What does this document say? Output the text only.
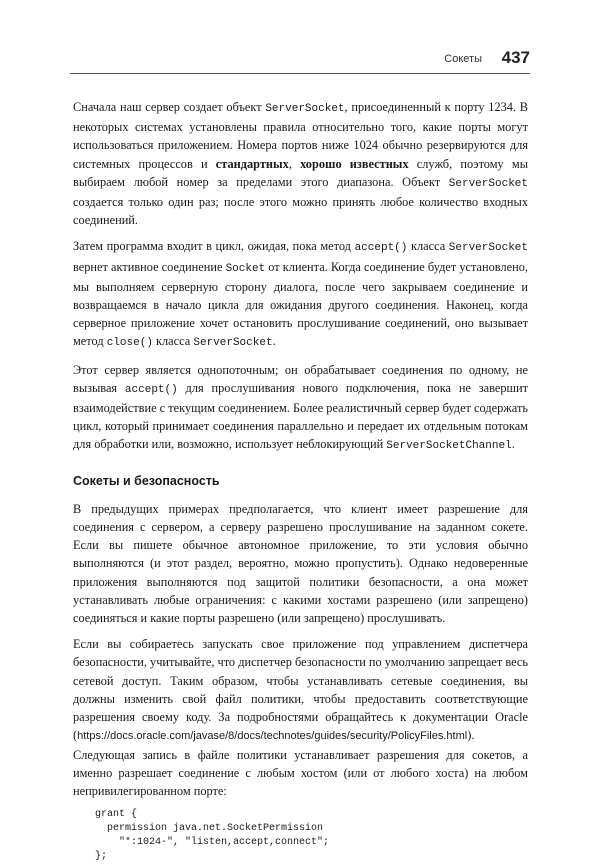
Сокеты 437

Сначала наш сервер создает объект ServerSocket, присоединенный к порту 1234. В некоторых системах установлены правила относительно того, какие порты могут использоваться приложением. Номера портов ниже 1024 обычно резервируются для системных процессов и стандартных, хорошо известных служб, поэтому мы выбираем любой номер за пределами этого диапазона. Объект ServerSocket создается только один раз; после этого можно принять любое количество входных соединений.

Затем программа входит в цикл, ожидая, пока метод accept() класса ServerSocket вернет активное соединение Socket от клиента. Когда соединение будет установлено, мы выполняем серверную сторону диалога, после чего закрываем соединение и возвращаемся в начало цикла для ожидания другого соединения. Наконец, когда серверное приложение хочет остановить прослушивание соединений, оно вызывает метод close() класса ServerSocket.

Этот сервер является однопоточным; он обрабатывает соединения по одному, не вызывая accept() для прослушивания нового подключения, пока не завершит взаимодействие с текущим соединением. Более реалистичный сервер будет содержать цикл, который принимает соединения параллельно и передает их отдельным потокам для обработки или, возможно, использует неблокирующий ServerSocketChannel.

Сокеты и безопасность

В предыдущих примерах предполагается, что клиент имеет разрешение для соединения с сервером, а серверу разрешено прослушивание на заданном сокете. Если вы пишете обычное автономное приложение, то эти условия обычно выполняются (и этот раздел, вероятно, можно пропустить). Однако недоверенные приложения выполняются под защитой политики безопасности, а она может устанавливать любые ограничения: с какими хостами разрешено (или запрещено) соединяться и какие порты разрешено (или запрещено) прослушивать.

Если вы собираетесь запускать свое приложение под управлением диспетчера безопасности, учитывайте, что диспетчер безопасности по умолчанию запрещает весь сетевой доступ. Таким образом, чтобы устанавливать сетевые соединения, вы должны изменить свой файл политики, чтобы предоставить соответствующие разрешения своему коду. За подробностями обращайтесь к документации Oracle (https://docs.oracle.com/javase/8/docs/technotes/guides/security/PolicyFiles.html). Следующая запись в файле политики устанавливает разрешения для сокетов, а именно разрешает соединение с любым хостом (или от любого хоста) на любом непривилегированном порте:

grant {
permission java.net.SocketPermission
"*:1024-", "listen,accept,connect";
};
